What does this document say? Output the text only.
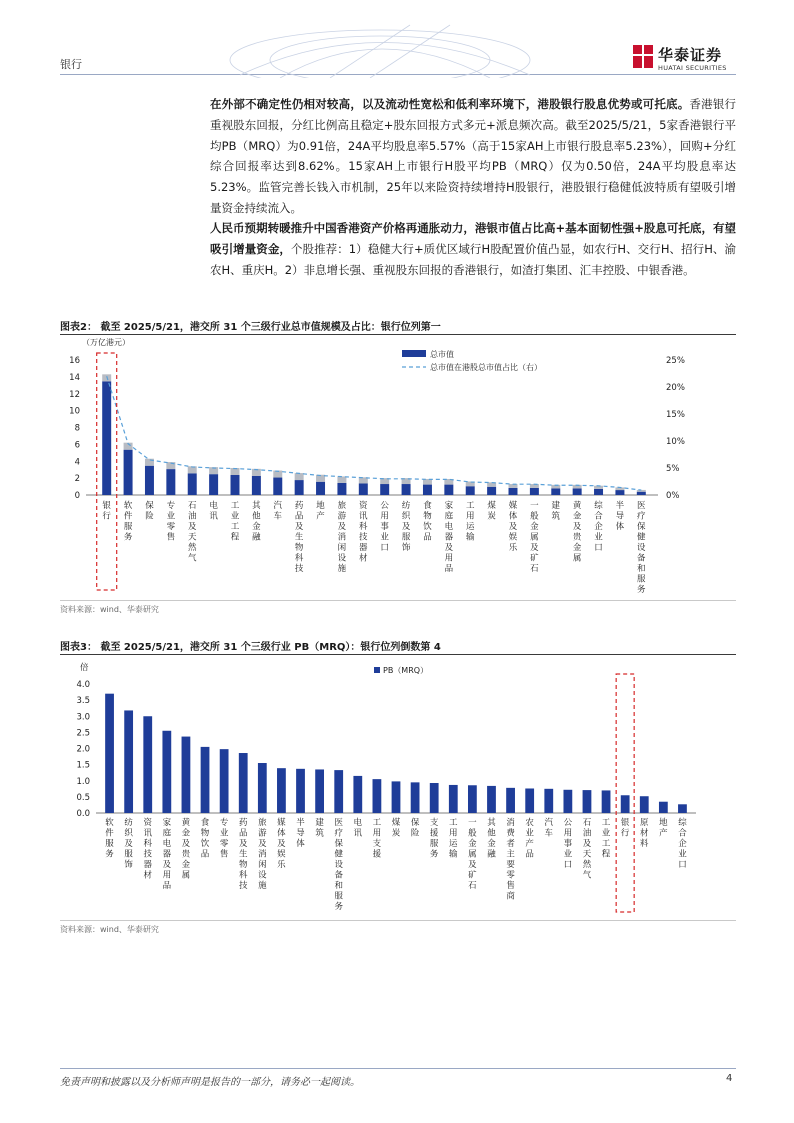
银行
华泰证券
HUATAI SECURITIES
在外部不确定性仍相对较高，以及流动性宽松和低利率环境下，港股银行股息优势或可托底。香港银行重视股东回报，分红比例高且稳定+股东回报方式多元+派息频次高。截至2025/5/21，5家香港银行平均PB（MRQ）为0.91倍，24A平均股息率5.57%（高于15家AH上市银行股息率5.23%），回购+分红综合回报率达到8.62%。15家AH上市银行H股平均PB（MRQ）仅为0.50倍，24A平均股息率达5.23%。监管完善长钱入市机制，25年以来险资持续增持H股银行，港股银行稳健低波特质有望吸引增量资金持续流入。
人民币预期转暖推升中国香港资产价格再通胀动力，港银市值占比高+基本面韧性强+股息可托底，有望吸引增量资金，个股推荐：1）稳健大行+质优区域行H股配置价值凸显，如农行H、交行H、招行H、渝农H、重庆H。2）非息增长强、重视股东回报的香港银行，如渣打集团、汇丰控股、中银香港。
图表2： 截至 2025/5/21，港交所 31 个三级行业总市值规模及占比：银行位列第一
（万亿港元）
0
2
4
6
8
10
12
14
16
0%
5%
10%
15%
20%
25%
银行
软件服务
保险
专业零售
石油及天然气
电讯
工业工程
其他金融
汽车
药品及生物科技
地产
旅游及消闲设施
资讯科技器材
公用事业口
纺织及服饰
食物饮品
家庭电器及用品
工用运输
煤炭
媒体及娱乐
一般金属及矿石
建筑
黄金及贵金属
综合企业口
半导体
医疗保健设备和服务
总市值
总市值在港股总市值占比（右）
资料来源：wind、华泰研究
图表3： 截至 2025/5/21，港交所 31 个三级行业 PB（MRQ）：银行位列倒数第 4
倍
0.0
0.5
1.0
1.5
2.0
2.5
3.0
3.5
4.0
软件服务
纺织及服饰
资讯科技器材
家庭电器及用品
黄金及贵金属
食物饮品
专业零售
药品及生物科技
旅游及消闲设施
媒体及娱乐
半导体
建筑
医疗保健设备和服务
电讯
工用支援
煤炭
保险
支援服务
工用运输
一般金属及矿石
其他金融
消费者主要零售商
农业产品
汽车
公用事业口
石油及天然气
工业工程
银行
原材料
地产
综合企业口
PB（MRQ）
资料来源：wind、华泰研究
免责声明和披露以及分析师声明是报告的一部分，请务必一起阅读。	4
